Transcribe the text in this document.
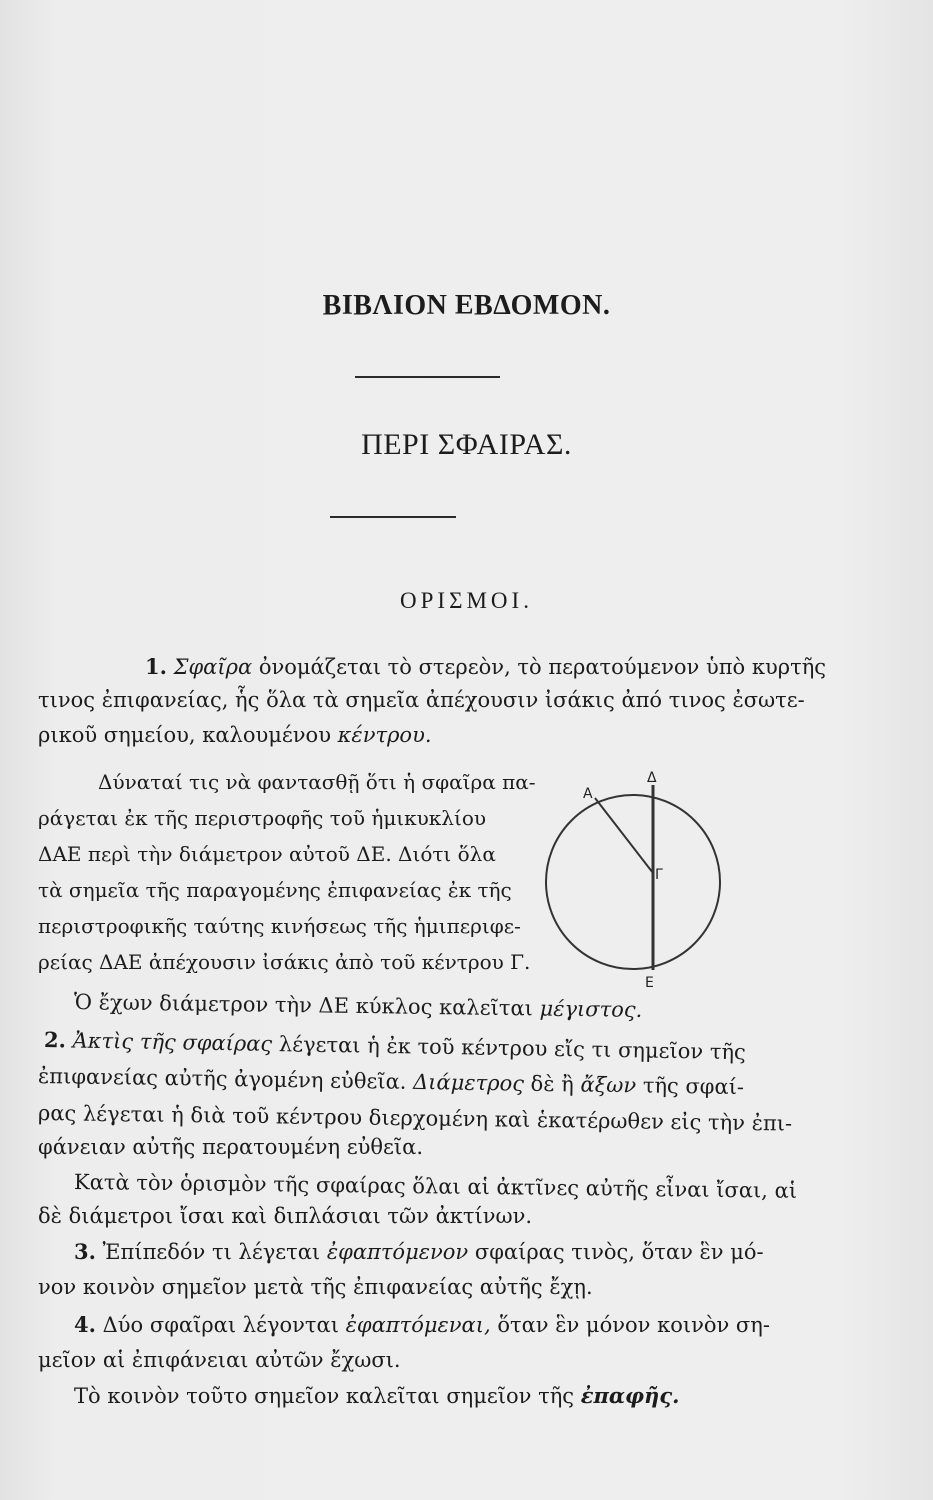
ΒΙΒΛΙΟΝ ΕΒΔΟΜΟΝ.
ΠΕΡΙ ΣΦΑΙΡΑΣ.
ΟΡΙΣΜΟΙ.
1. Σφαῖρα ὀνομάζεται τὸ στερεὸν, τὸ περατούμενον ὑπὸ κυρτῆς
τινος ἐπιφανείας, ἧς ὅλα τὰ σημεῖα ἀπέχουσιν ἰσάκις ἀπό τινος ἐσωτε-
ρικοῦ σημείου, καλουμένου κέντρου.
Δύναταί τις νὰ φαντασθῇ ὅτι ἡ σφαῖρα πα-
ράγεται ἐκ τῆς περιστροφῆς τοῦ ἡμικυκλίου
ΔΑΕ περὶ τὴν διάμετρον αὐτοῦ ΔΕ. Διότι ὅλα
τὰ σημεῖα τῆς παραγομένης ἐπιφανείας ἐκ τῆς
περιστροφικῆς ταύτης κινήσεως τῆς ἡμιπεριφε-
ρείας ΔΑΕ ἀπέχουσιν ἰσάκις ἀπὸ τοῦ κέντρου Γ.
Δ
Α
Γ
Ε
Ὁ ἔχων διάμετρον τὴν ΔΕ κύκλος καλεῖται μέγιστος.
2. Ἀκτὶς τῆς σφαίρας λέγεται ἡ ἐκ τοῦ κέντρου εἴς τι σημεῖον τῆς
ἐπιφανείας αὐτῆς ἀγομένη εὐθεῖα. Διάμετρος δὲ ἢ ἄξων τῆς σφαί-
ρας λέγεται ἡ διὰ τοῦ κέντρου διερχομένη καὶ ἑκατέρωθεν εἰς τὴν ἐπι-
φάνειαν αὐτῆς περατουμένη εὐθεῖα.
Κατὰ τὸν ὁρισμὸν τῆς σφαίρας ὅλαι αἱ ἀκτῖνες αὐτῆς εἶναι ἴσαι, αἱ
δὲ διάμετροι ἴσαι καὶ διπλάσιαι τῶν ἀκτίνων.
3. Ἐπίπεδόν τι λέγεται ἐφαπτόμενον σφαίρας τινὸς, ὅταν ἓν μό-
νον κοινὸν σημεῖον μετὰ τῆς ἐπιφανείας αὐτῆς ἔχῃ.
4. Δύο σφαῖραι λέγονται ἐφαπτόμεναι, ὅταν ἓν μόνον κοινὸν ση-
μεῖον αἱ ἐπιφάνειαι αὐτῶν ἔχωσι.
Τὸ κοινὸν τοῦτο σημεῖον καλεῖται σημεῖον τῆς ἐπαφῆς.
